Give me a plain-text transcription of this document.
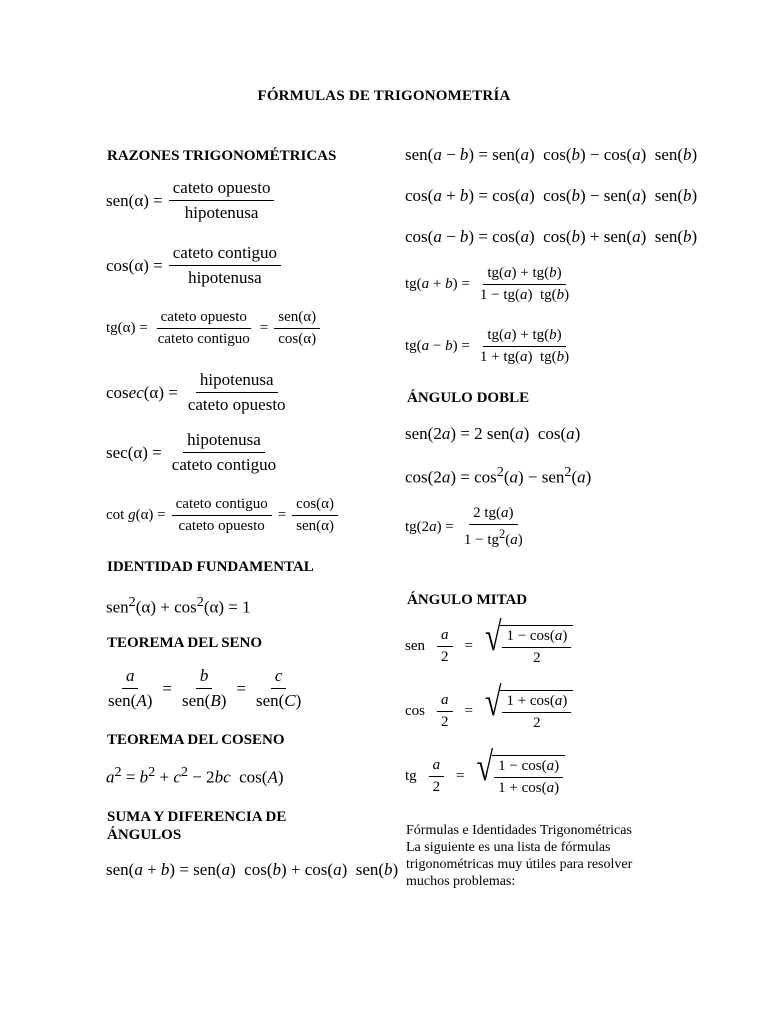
FÓRMULAS DE TRIGONOMETRÍA
RAZONES TRIGONOMÉTRICAS
$sen(\alpha) = \frac{\text{cateto opuesto}}{\text{hipotenusa}}$
$\cos(\alpha) = \frac{\text{cateto contiguo}}{\text{hipotenusa}}$
$tg(\alpha) = \frac{\text{cateto opuesto}}{\text{cateto contiguo}} = \frac{\text{sen(α)}}{\cos(\alpha)}$
$cosec(\alpha) = \frac{\text{hipotenusa}}{\text{cateto opuesto}}$
$\sec(\alpha) = \frac{\text{hipotenusa}}{\text{cateto contiguo}}$
$\cot g(\alpha) = \frac{\text{cateto contiguo}}{\text{cateto opuesto}} = \frac{\cos(\alpha)}{\text{sen(α)}}$
IDENTIDAD FUNDAMENTAL
$sen^2(\alpha) + \cos^2(\alpha) = 1$
TEOREMA DEL SENO
$\frac{a}{\text{sen(A)}} = \frac{b}{\text{sen(B)}} = \frac{c}{\text{sen(C)}}$
TEOREMA DEL COSENO
$a^2 = b^2 + c^2 - 2bc$  cos(A)
SUMA Y DIFERENCIA DE ÁNGULOS
sen(a + b) = sen(a)  cos(b) + cos(a)  sen(b)
sen(a − b) = sen(a)  cos(b) − cos(a)  sen(b)
cos(a + b) = cos(a)  cos(b) − sen(a)  sen(b)
cos(a − b) = cos(a)  cos(b) + sen(a)  sen(b)
$tg(a + b) = \frac{tg(a) + tg(b)}{1 - tg(a) tg(b)}$
$tg(a - b) = \frac{tg(a) + tg(b)}{1 + tg(a) tg(b)}$
ÁNGULO DOBLE
sen(2a) = 2 sen(a)  cos(a)
$\cos(2a) = \cos^2(a) - sen^2(a)$
$tg(2a) = \frac{2 tg(a)}{1 - tg^2(a)}$
ÁNGULO MITAD
sen $\frac{a}{2}$ = √ $\frac{1 - \cos(a)}{2}$
$\cos \frac{a}{2}$ = √ $\frac{1 + \cos(a)}{2}$
tg $\frac{a}{2}$ = √ $\frac{1 - \cos(a)}{1 + \cos(a)}$
Fórmulas e Identidades Trigonométricas
La siguiente es una lista de fórmulas
trigonométricas muy útiles para resolver
muchos problemas:
